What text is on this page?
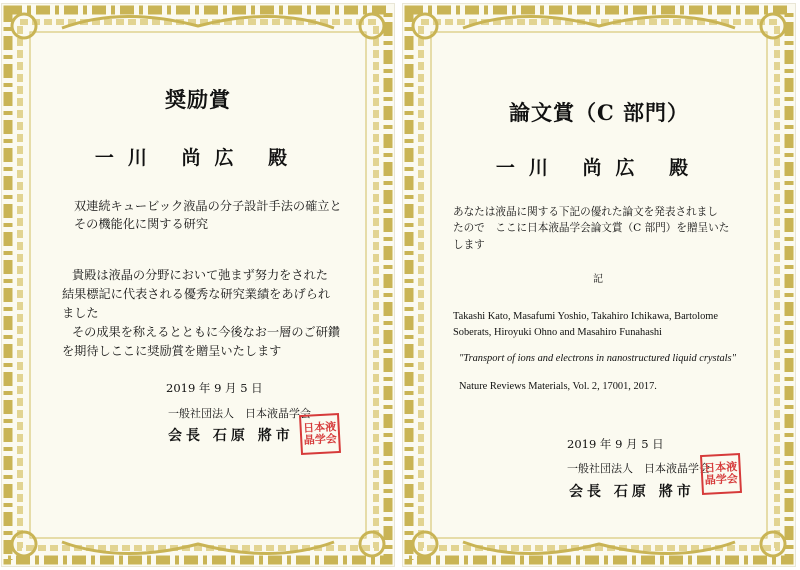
奨励賞
一川 尚広 殿
双連続キュービック液晶の分子設計手法の確立と
その機能化に関する研究
貴殿は液晶の分野において弛まず努力をされた
結果標記に代表される優秀な研究業績をあげられ
ました
その成果を称えるとともに今後なお一層のご研鑽
を期待しここに奨励賞を贈呈いたします
2019 年 9 月 5 日
一般社団法人　日本液晶学会
会長 石原 將市
日本液晶学会
論文賞（C 部門）
一川 尚広 殿
あなたは液晶に関する下記の優れた論文を発表されまし
たので　ここに日本液晶学会論文賞（C 部門）を贈呈いた
します
記
Takashi Kato, Masafumi Yoshio, Takahiro Ichikawa, Bartolome
Soberats, Hiroyuki Ohno and Masahiro Funahashi
"Transport of ions and electrons in nanostructured liquid crystals"
Nature Reviews Materials, Vol. 2, 17001, 2017.
2019 年 9 月 5 日
一般社団法人　日本液晶学会
会長 石原 將市
日本液晶学会
